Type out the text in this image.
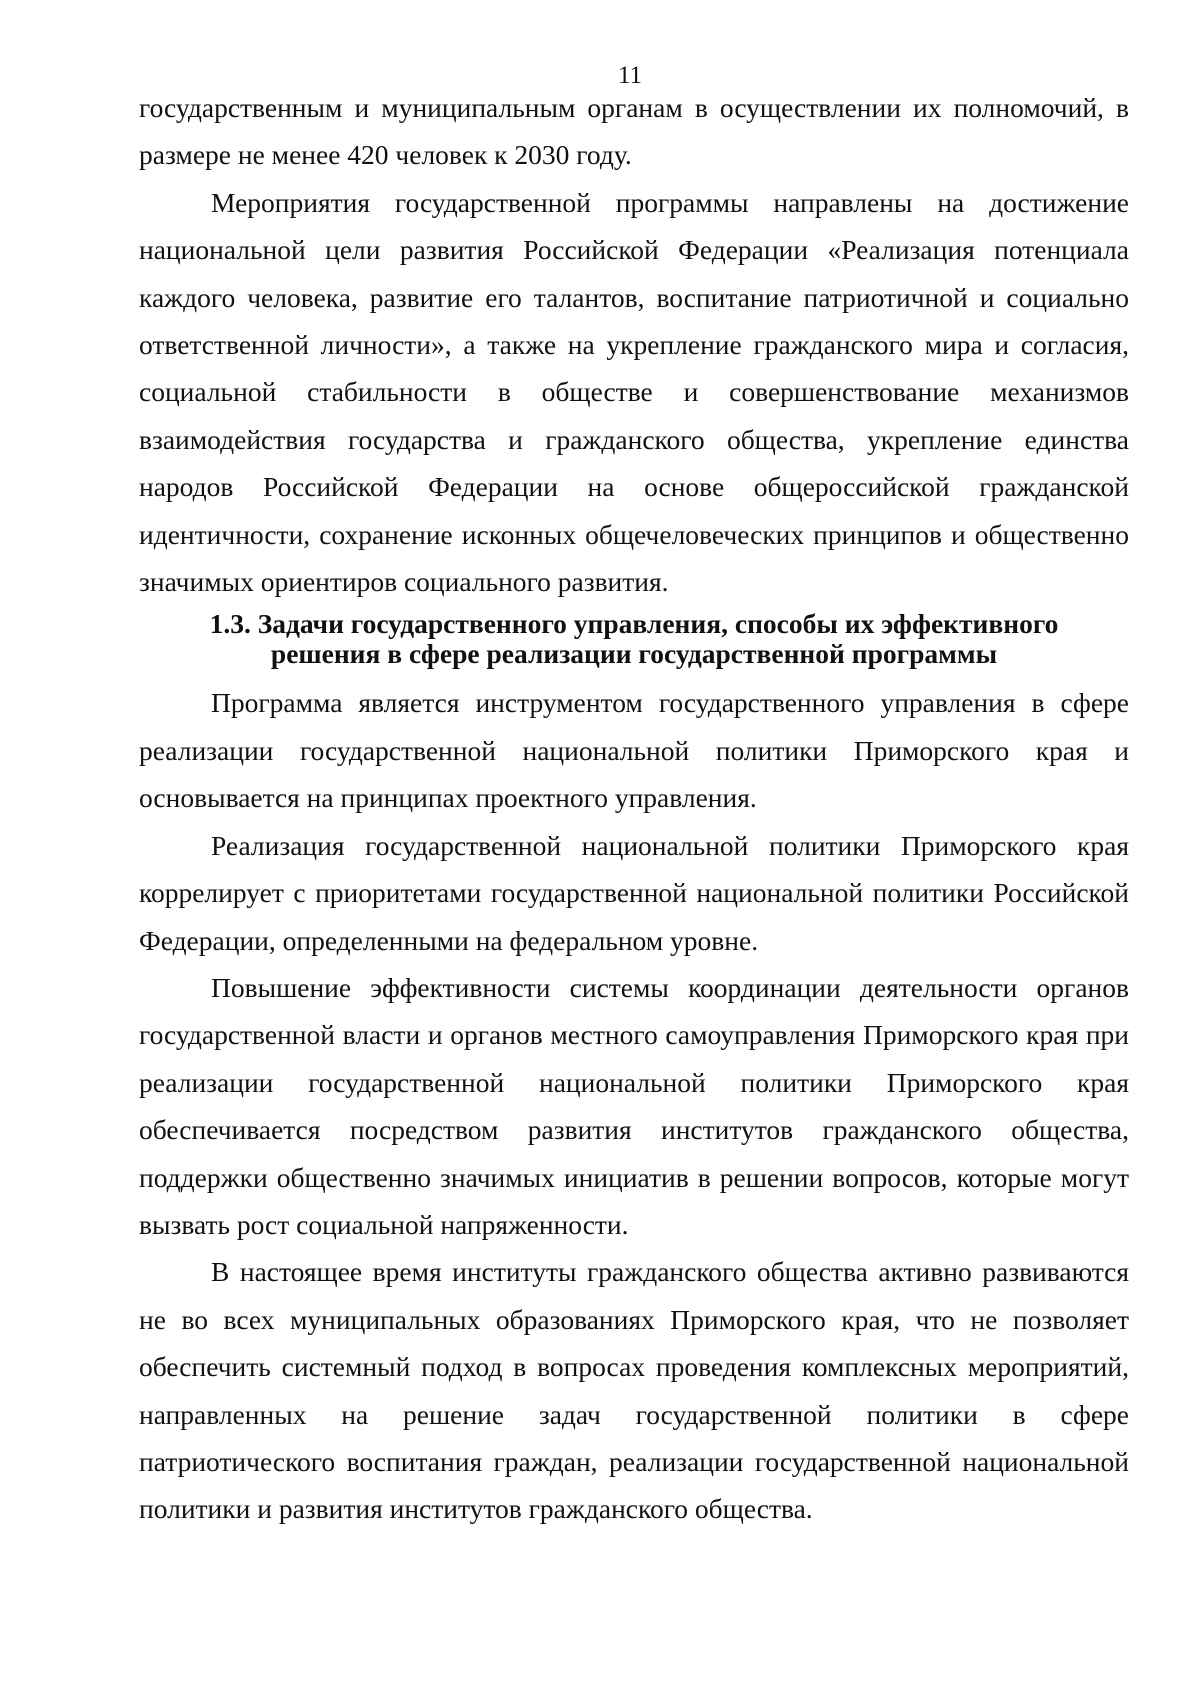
11

государственным и муниципальным органам в осуществлении их полномочий, в размере не менее 420 человек к 2030 году.

Мероприятия государственной программы направлены на достижение национальной цели развития Российской Федерации «Реализация потенциала каждого человека, развитие его талантов, воспитание патриотичной и социально ответственной личности», а также на укрепление гражданского мира и согласия, социальной стабильности в обществе и совершенствование механизмов взаимодействия государства и гражданского общества, укрепление единства народов Российской Федерации на основе общероссийской гражданской идентичности, сохранение исконных общечеловеческих принципов и общественно значимых ориентиров социального развития.

1.3. Задачи государственного управления, способы их эффективного решения в сфере реализации государственной программы

Программа является инструментом государственного управления в сфере реализации государственной национальной политики Приморского края и основывается на принципах проектного управления.

Реализация государственной национальной политики Приморского края коррелирует с приоритетами государственной национальной политики Российской Федерации, определенными на федеральном уровне.

Повышение эффективности системы координации деятельности органов государственной власти и органов местного самоуправления Приморского края при реализации государственной национальной политики Приморского края обеспечивается посредством развития институтов гражданского общества, поддержки общественно значимых инициатив в решении вопросов, которые могут вызвать рост социальной напряженности.

В настоящее время институты гражданского общества активно развиваются не во всех муниципальных образованиях Приморского края, что не позволяет обеспечить системный подход в вопросах проведения комплексных мероприятий, направленных на решение задач государственной политики в сфере патриотического воспитания граждан, реализации государственной национальной политики и развития институтов гражданского общества.
